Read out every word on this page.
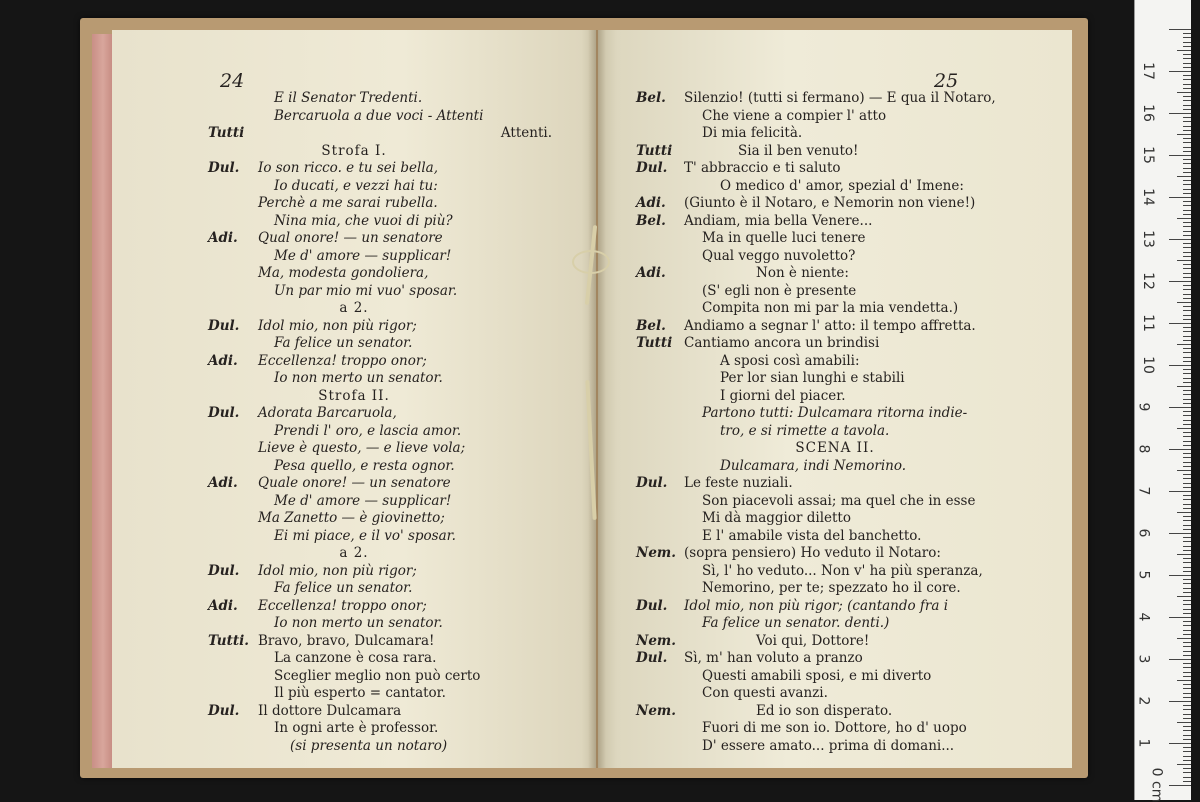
24
E il Senator Tredenti.
Bercaruola a due voci - Attenti
Tutti	Attenti.
Strofa I.
Dul. Io son ricco. e tu sei bella,
Io ducati, e vezzi hai tu:
Perchè a me sarai rubella.
Nina mia, che vuoi di più?
Adi. Qual onore! — un senatore
Me d' amore — supplicar!
Ma, modesta gondoliera,
Un par mio mi vuo' sposar.
a 2.
Dul. Idol mio, non più rigor;
Fa felice un senator.
Adi. Eccellenza! troppo onor;
Io non merto un senator.
Strofa II.
Dul. Adorata Barcaruola,
Prendi l' oro, e lascia amor.
Lieve è questo, — e lieve vola;
Pesa quello, e resta ognor.
Adi. Quale onore! — un senatore
Me d' amore — supplicar!
Ma Zanetto — è giovinetto;
Ei mi piace, e il vo' sposar.
a 2.
Dul. Idol mio, non più rigor;
Fa felice un senator.
Adi. Eccellenza! troppo onor;
Io non merto un senator.
Tutti. Bravo, bravo, Dulcamara!
La canzone è cosa rara.
Sceglier meglio non può certo
Il più esperto = cantator.
Dul. Il dottore Dulcamara
In ogni arte è professor.
(si presenta un notaro)
25
Bel. Silenzio! (tutti si fermano) — E qua il Notaro,
Che viene a compier l' atto
Di mia felicità.
Tutti	Sia il ben venuto!
Dul. T' abbraccio e ti saluto
O medico d' amor, spezial d' Imene:
Adi. (Giunto è il Notaro, e Nemorin non viene!)
Bel. Andiam, mia bella Venere...
Ma in quelle luci tenere
Qual veggo nuvoletto?
Adi.	Non è niente:
(S' egli non è presente
Compita non mi par la mia vendetta.)
Bel. Andiamo a segnar l' atto: il tempo affretta.
Tutti Cantiamo ancora un brindisi
A sposi così amabili:
Per lor sian lunghi e stabili
I giorni del piacer.
Partono tutti: Dulcamara ritorna indie-
tro, e si rimette a tavola.
SCENA II.
Dulcamara, indi Nemorino.
Dul. Le feste nuziali.
Son piacevoli assai; ma quel che in esse
Mi dà maggior diletto
E l' amabile vista del banchetto.
Nem. (sopra pensiero) Ho veduto il Notaro:
Sì, l' ho veduto... Non v' ha più speranza,
Nemorino, per te; spezzato ho il core.
Dul. Idol mio, non più rigor; (cantando fra i
Fa felice un senator. denti.)
Nem.	Voi qui, Dottore!
Dul. Sì, m' han voluto a pranzo
Questi amabili sposi, e mi diverto
Con questi avanzi.
Nem.	Ed io son disperato.
Fuori di me son io. Dottore, ho d' uopo
D' essere amato... prima di domani...
17
16
15
14
13
12
11
10
9
8
7
6
5
4
3
2
1
0 cm
